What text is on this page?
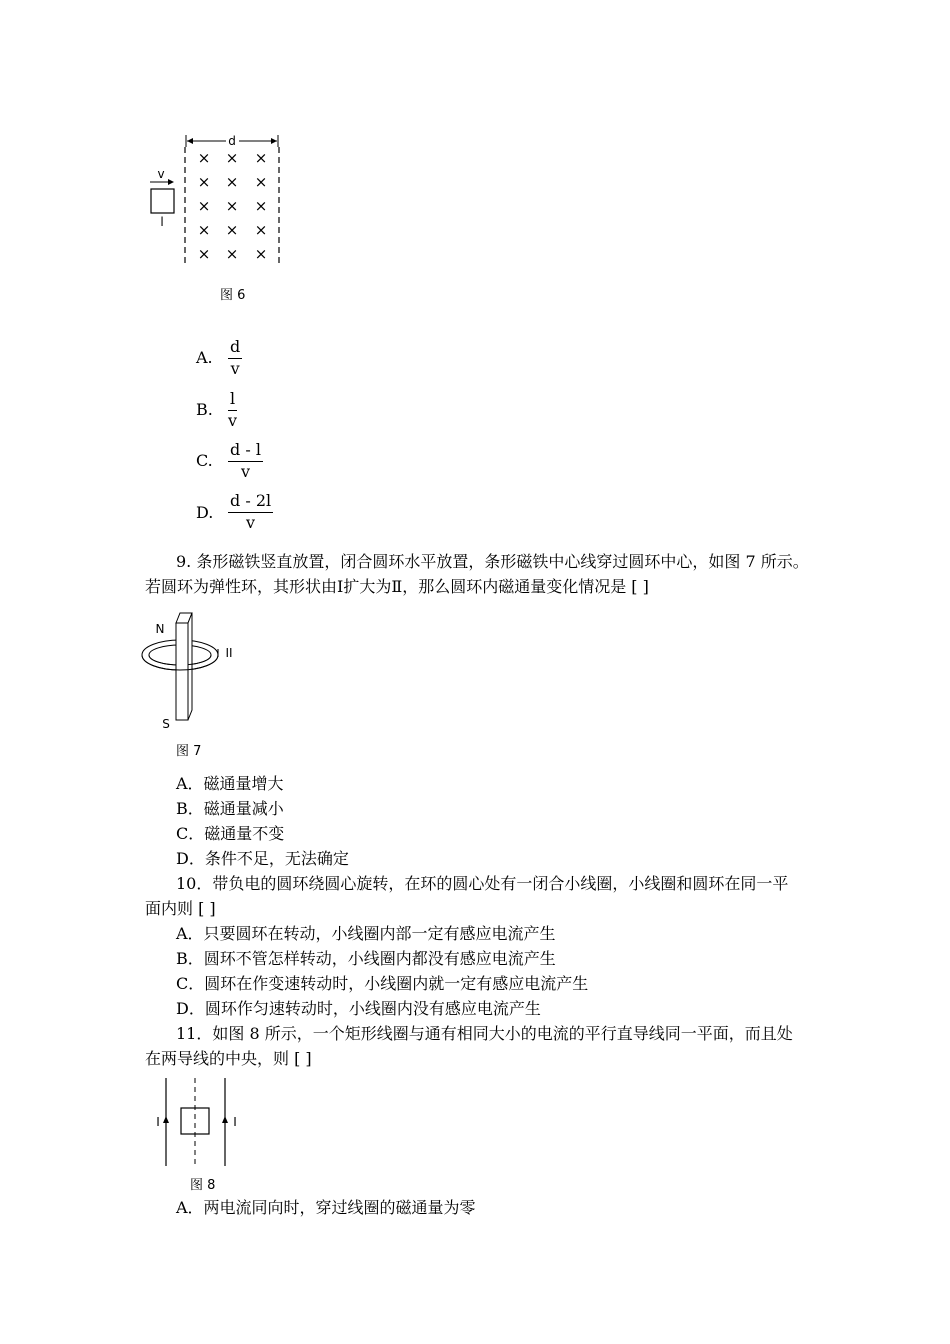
d
× × ×
× × ×
× × ×
× × ×
× × ×
v
l
图 6
A. $\frac{d}{v}$
B. $\frac{l}{v}$
C. $\frac{d - l}{v}$
D. $\frac{d - 2l}{v}$
9. 条形磁铁竖直放置，闭合圆环水平放置，条形磁铁中心线穿过圆环中心，如图 7 所示。
若圆环为弹性环，其形状由Ⅰ扩大为Ⅱ，那么圆环内磁通量变化情况是 [ ]
N
S
I II
图 7
A．磁通量增大
B．磁通量减小
C．磁通量不变
D．条件不足，无法确定
10．带负电的圆环绕圆心旋转，在环的圆心处有一闭合小线圈，小线圈和圆环在同一平
面内则 [ ]
A．只要圆环在转动，小线圈内部一定有感应电流产生
B．圆环不管怎样转动，小线圈内都没有感应电流产生
C．圆环在作变速转动时，小线圈内就一定有感应电流产生
D．圆环作匀速转动时，小线圈内没有感应电流产生
11．如图 8 所示，一个矩形线圈与通有相同大小的电流的平行直导线同一平面，而且处
在两导线的中央，则 [ ]
I	I
图 8
A．两电流同向时，穿过线圈的磁通量为零
